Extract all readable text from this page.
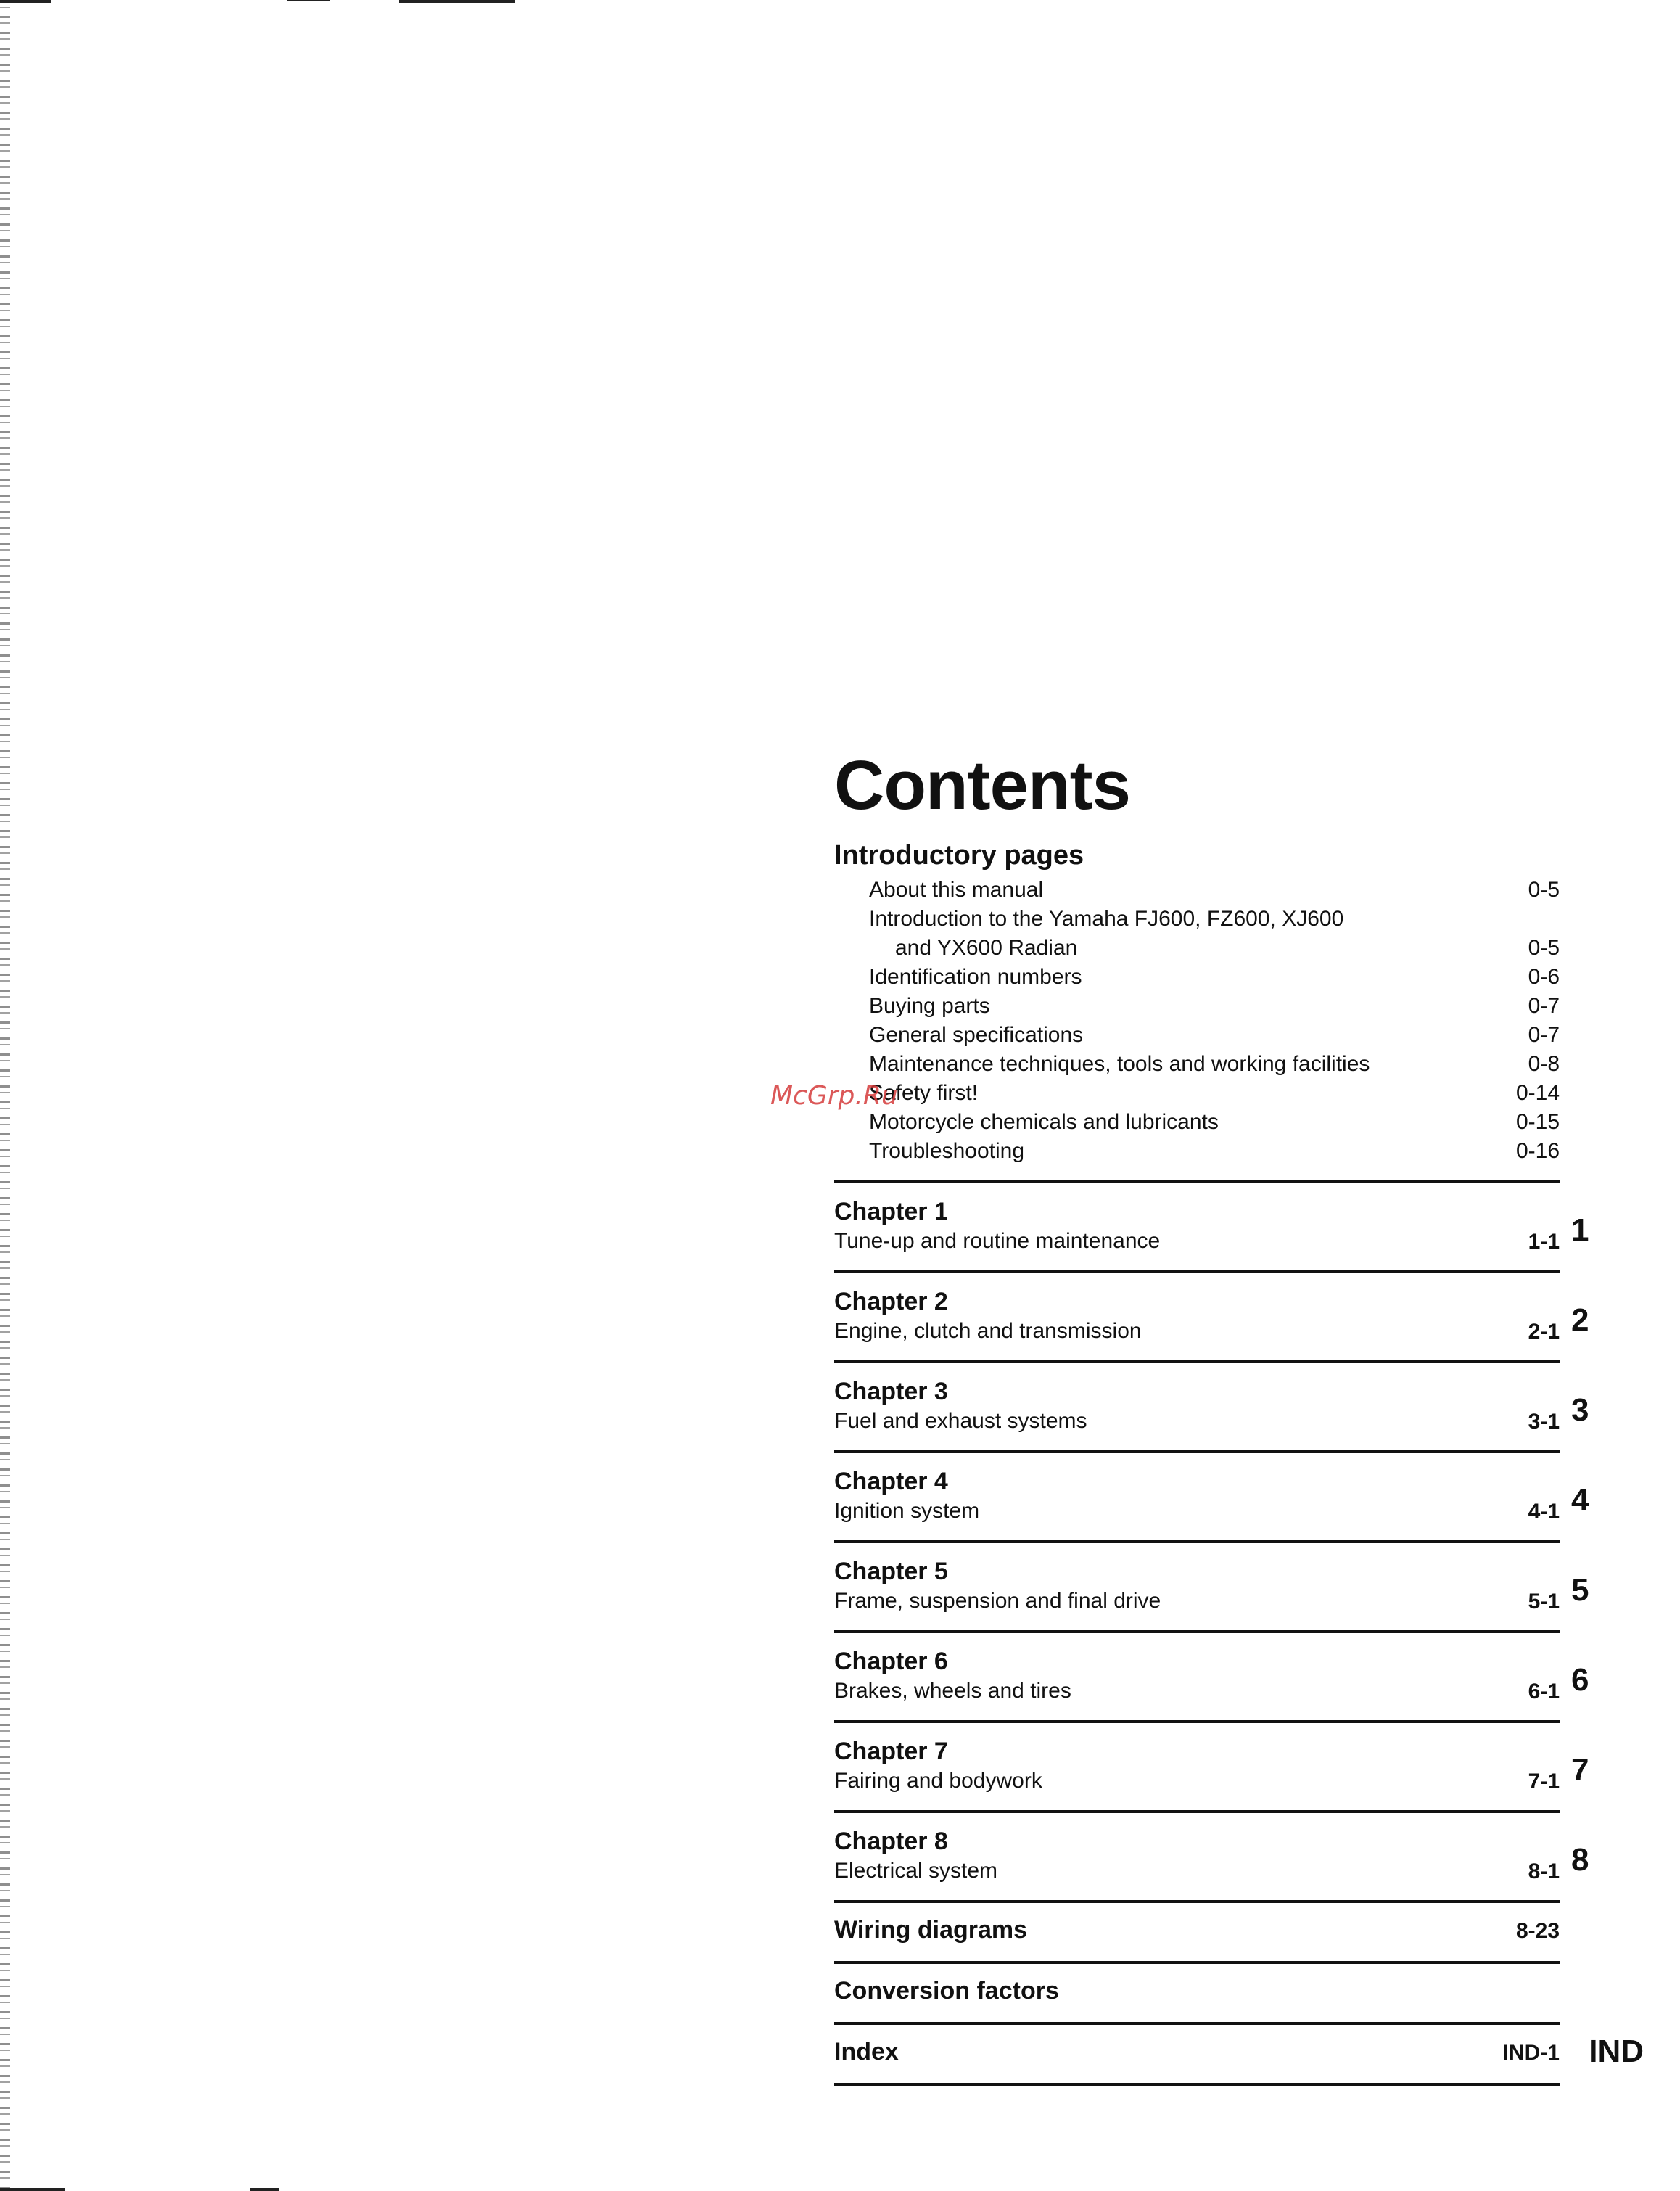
Contents
Introductory pages
About this manual	0-5
Introduction to the Yamaha FJ600, FZ600, XJ600
and YX600 Radian	0-5
Identification numbers	0-6
Buying parts	0-7
General specifications	0-7
Maintenance techniques, tools and working facilities	0-8
Safety first!	0-14
Motorcycle chemicals and lubricants	0-15
Troubleshooting	0-16
Chapter 1
Tune-up and routine maintenance	1-1 1
Chapter 2
Engine, clutch and transmission	2-1 2
Chapter 3
Fuel and exhaust systems	3-1 3
Chapter 4
Ignition system	4-1 4
Chapter 5
Frame, suspension and final drive	5-1 5
Chapter 6
Brakes, wheels and tires	6-1 6
Chapter 7
Fairing and bodywork	7-1 7
Chapter 8
Electrical system	8-1 8
Wiring diagrams	8-23
Conversion factors
Index	IND-1 IND
McGrp.Ru
